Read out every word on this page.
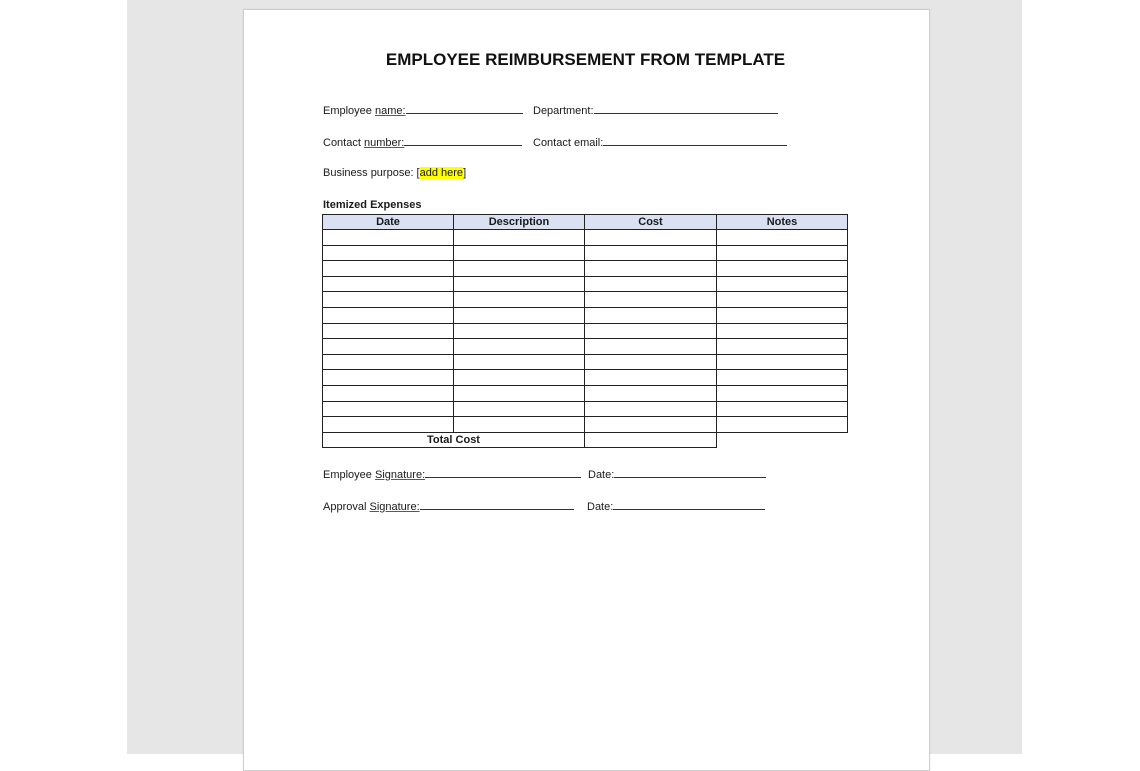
EMPLOYEE REIMBURSEMENT FROM TEMPLATE
Employee name:	Department:
Contact number:	Contact email:
Business purpose: [add here]
Itemized Expenses
Date	Description	Cost	Notes

Total Cost			
Employee Signature:	Date:
Approval Signature:	Date:
